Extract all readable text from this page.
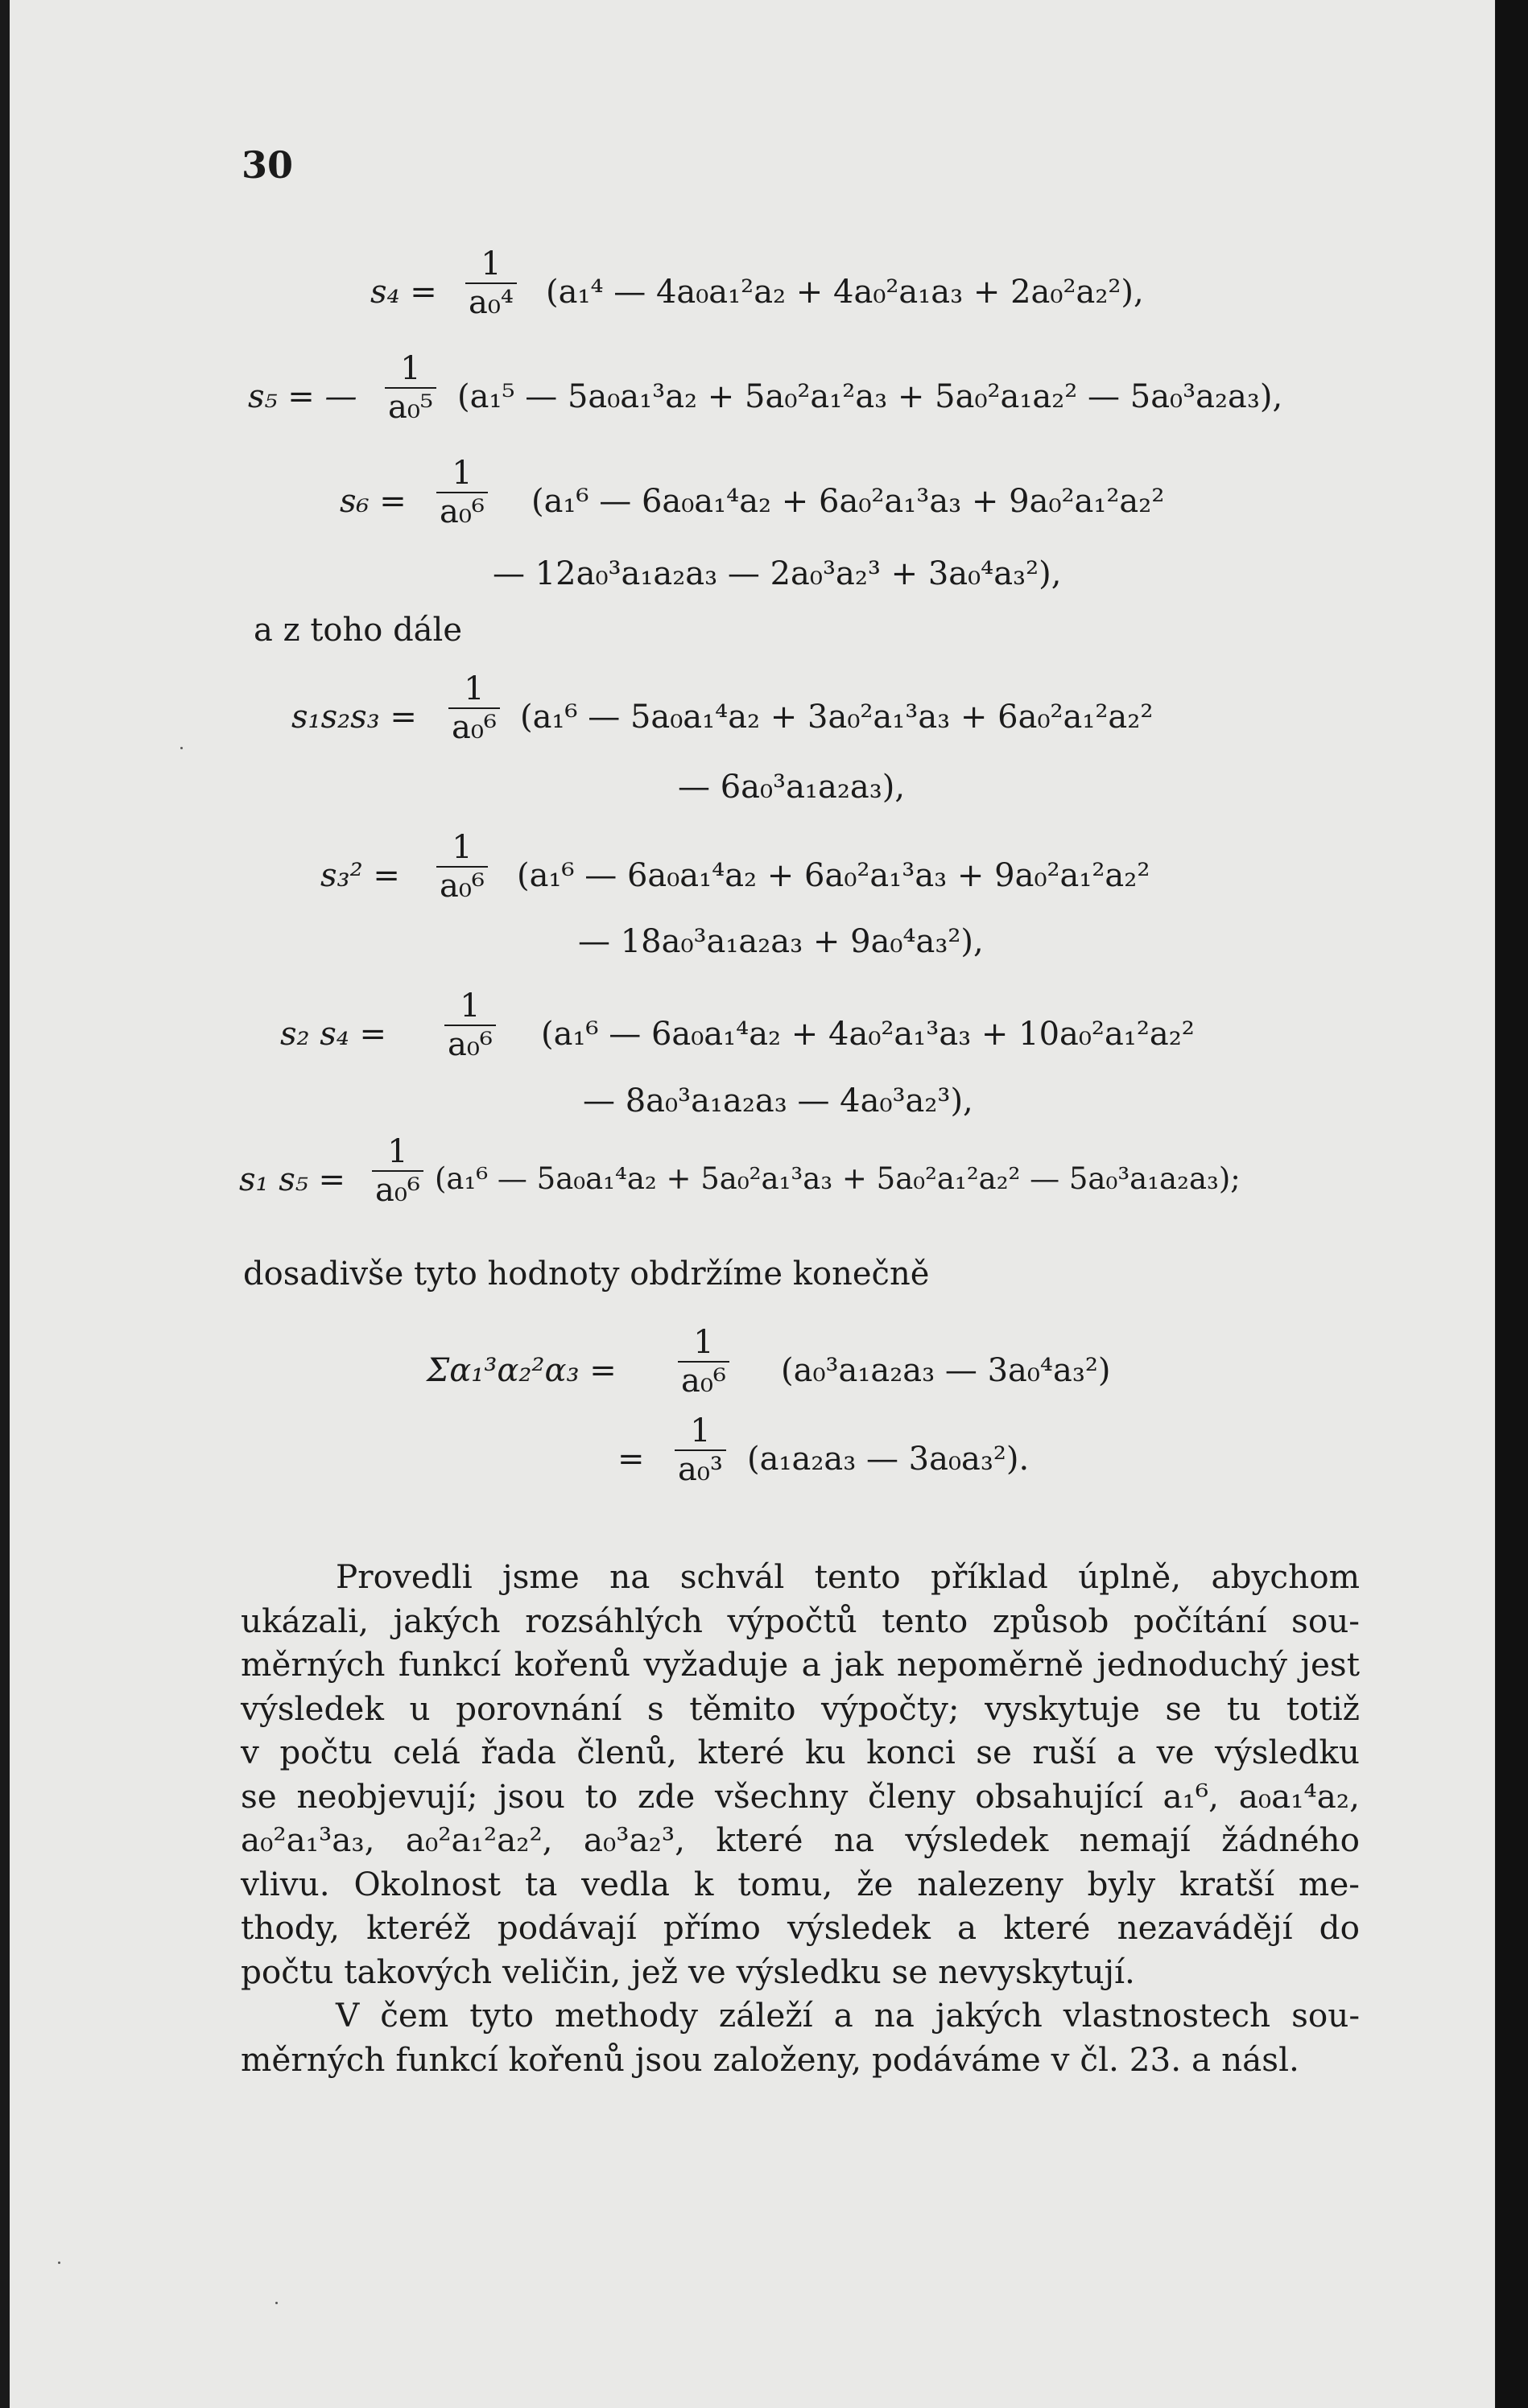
30
$s_4 = \frac{1}{\text{a₀⁴}} (a_1^4$ — 4a₀a₁²a₂ + 4a₀²a₁a₃ + 2a₀²a₂²),
s₅ = — $\frac{1}{\text{a₀⁵}} (a_1^5$ — 5a₀a₁³a₂ + 5a₀²a₁²a₃ + 5a₀²a₁a₂² — 5a₀³a₂a₃),
$s_6 = \frac{1}{\text{a₀⁶}} (a_1^6$ — 6a₀a₁⁴a₂ + 6a₀²a₁³a₃ + 9a₀²a₁²a₂²
— 12a₀³a₁a₂a₃ — 2a₀³a₂³ + 3a₀⁴a₃²),
a z toho dále
$s_1s_2s_3 = \frac{1}{\text{a₀⁶}} (a_1^6$ — 5a₀a₁⁴a₂ + 3a₀²a₁³a₃ + 6a₀²a₁²a₂²
— 6a₀³a₁a₂a₃),
$s_3^2 = \frac{1}{\text{a₀⁶}} (a_1^6$ — 6a₀a₁⁴a₂ + 6a₀²a₁³a₃ + 9a₀²a₁²a₂²
— 18a₀³a₁a₂a₃ + 9a₀⁴a₃²),
s₂ $s_4 = \frac{1}{\text{a₀⁶}} (a_1^6$ — 6a₀a₁⁴a₂ + 4a₀²a₁³a₃ + 10a₀²a₁²a₂²
— 8a₀³a₁a₂a₃ — 4a₀³a₂³),
s₁ $s_5 = \frac{1}{\text{a₀⁶}} (a_1^6$ — 5a₀a₁⁴a₂ + 5a₀²a₁³a₃ + 5a₀²a₁²a₂² — 5a₀³a₁a₂a₃);
dosadivše tyto hodnoty obdržíme konečně
$\Sigma\alpha_1^3\alpha_2^2\alpha_3 = \frac{1}{\text{a₀⁶}} (a_0^3a_1a_2a_3$ — 3a₀⁴a₃²)
= $\frac{1}{\text{a₀³}} (a_1a_2a_3$ — 3a₀a₃²).
Provedli jsme na schvál tento příklad úplně, abychom
ukázali, jakých rozsáhlých výpočtů tento způsob počítání sou-
měrných funkcí kořenů vyžaduje a jak nepoměrně jednoduchý jest
výsledek u porovnání s těmito výpočty; vyskytuje se tu totiž
v počtu celá řada členů, které ku konci se ruší a ve výsledku
se neobjevují; jsou to zde všechny členy obsahující a₁⁶, a₀a₁⁴a₂,
a₀²a₁³a₃, a₀²a₁²a₂², a₀³a₂³, které na výsledek nemají žádného
vlivu. Okolnost ta vedla k tomu, že nalezeny byly kratší me-
thody, kteréž podávají přímo výsledek a které nezavádějí do
počtu takových veličin, jež ve výsledku se nevyskytují.
V čem tyto methody záleží a na jakých vlastnostech sou-
měrných funkcí kořenů jsou založeny, podáváme v čl. 23. a násl.
